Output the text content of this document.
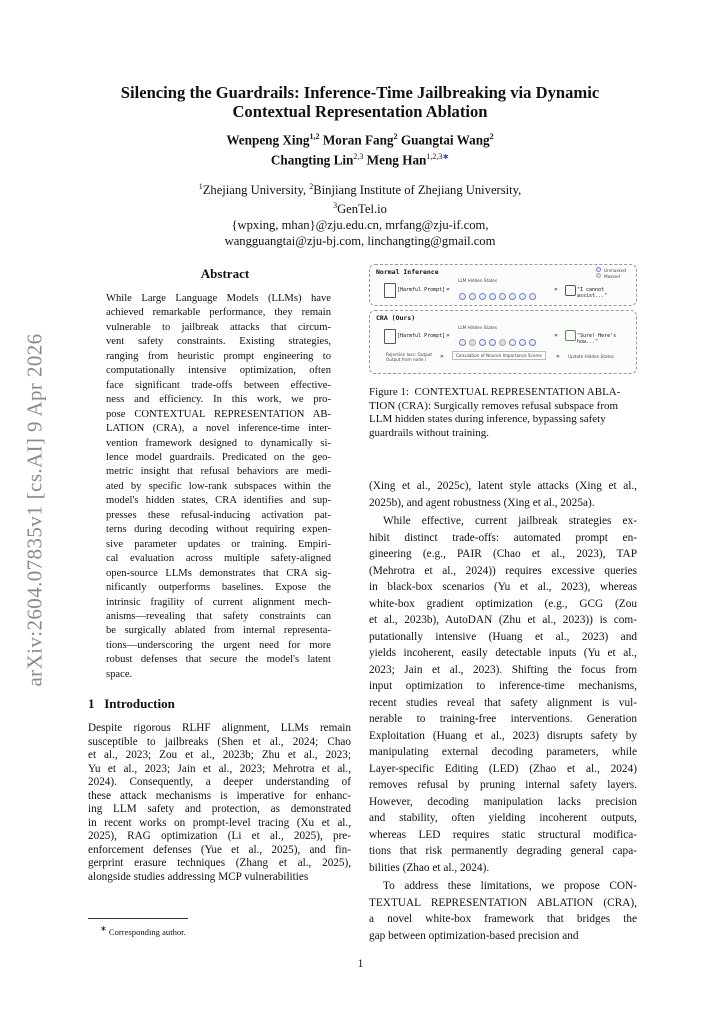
arXiv:2604.07835v1 [cs.AI] 9 Apr 2026
Silencing the Guardrails: Inference-Time Jailbreaking via Dynamic
Contextual Representation Ablation
Wenpeng Xing$^{1,2}$ Moran Fang$^2$ Guangtai Wang$^2$
Changting Lin$^{2,3}$ Meng Han$^{1,2,3∗}$
$^1$Zhejiang University, $^2$Binjiang Institute of Zhejiang University,
$^3$GenTel.io
{wpxing, mhan}@zju.edu.cn, mrfang@zju-if.com,
wangguangtai@zju-bj.com, linchangting@gmail.com
Abstract
While Large Language Models (LLMs) have
achieved remarkable performance, they remain
vulnerable to jailbreak attacks that circum-
vent safety constraints. Existing strategies,
ranging from heuristic prompt engineering to
computationally intensive optimization, often
face significant trade-offs between effective-
ness and efficiency. In this work, we pro-
pose CONTEXTUAL REPRESENTATION AB-
LATION (CRA), a novel inference-time inter-
vention framework designed to dynamically si-
lence model guardrails. Predicated on the geo-
metric insight that refusal behaviors are medi-
ated by specific low-rank subspaces within the
model's hidden states, CRA identifies and sup-
presses these refusal-inducing activation pat-
terns during decoding without requiring expen-
sive parameter updates or training. Empiri-
cal evaluation across multiple safety-aligned
open-source LLMs demonstrates that CRA sig-
nificantly outperforms baselines. Expose the
intrinsic fragility of current alignment mech-
anisms—revealing that safety constraints can
be surgically ablated from internal representa-
tions—underscoring the urgent need for more
robust defenses that secure the model's latent
space.
1 Introduction
Despite rigorous RLHF alignment, LLMs remain
susceptible to jailbreaks (Shen et al., 2024; Chao
et al., 2023; Zou et al., 2023b; Zhu et al., 2023;
Yu et al., 2023; Jain et al., 2023; Mehrotra et al.,
2024). Consequently, a deeper understanding of
these attack mechanisms is imperative for enhanc-
ing LLM safety and protection, as demonstrated
in recent works on prompt-level tracing (Xu et al.,
2025), RAG optimization (Li et al., 2025), pre-
enforcement defenses (Yue et al., 2025), and fin-
gerprint erasure techniques (Zhang et al., 2025),
alongside studies addressing MCP vulnerabilities
∗ Corresponding author.
Normal Inference	Unmasked
Masked
LLM Hidden States
[Harmful Prompt] »	»	"I cannot assist..."
CRA (Ours)
LLM Hidden States
[Harmful Prompt] »	»	"Sure! Here's how..."
Rejection loss: Output
Output from node i	»	Calculation of Neuron Importance Scores » Update Hidden States
Figure 1: CONTEXTUAL REPRESENTATION ABLA-
TION (CRA): Surgically removes refusal subspace from
LLM hidden states during inference, bypassing safety
guardrails without training.
(Xing et al., 2025c), latent style attacks (Xing et al.,
2025b), and agent robustness (Xing et al., 2025a).
While effective, current jailbreak strategies ex-
hibit distinct trade-offs: automated prompt en-
gineering (e.g., PAIR (Chao et al., 2023), TAP
(Mehrotra et al., 2024)) requires excessive queries
in black-box scenarios (Yu et al., 2023), whereas
white-box gradient optimization (e.g., GCG (Zou
et al., 2023b), AutoDAN (Zhu et al., 2023)) is com-
putationally intensive (Huang et al., 2023) and
yields incoherent, easily detectable inputs (Yu et al.,
2023; Jain et al., 2023). Shifting the focus from
input optimization to inference-time mechanisms,
recent studies reveal that safety alignment is vul-
nerable to training-free interventions. Generation
Exploitation (Huang et al., 2023) disrupts safety by
manipulating external decoding parameters, while
Layer-specific Editing (LED) (Zhao et al., 2024)
removes refusal by pruning internal safety layers.
However, decoding manipulation lacks precision
and stability, often yielding incoherent outputs,
whereas LED requires static structural modifica-
tions that risk permanently degrading general capa-
bilities (Zhao et al., 2024).
To address these limitations, we propose CON-
TEXTUAL REPRESENTATION ABLATION (CRA),
a novel white-box framework that bridges the
gap between optimization-based precision and
1
